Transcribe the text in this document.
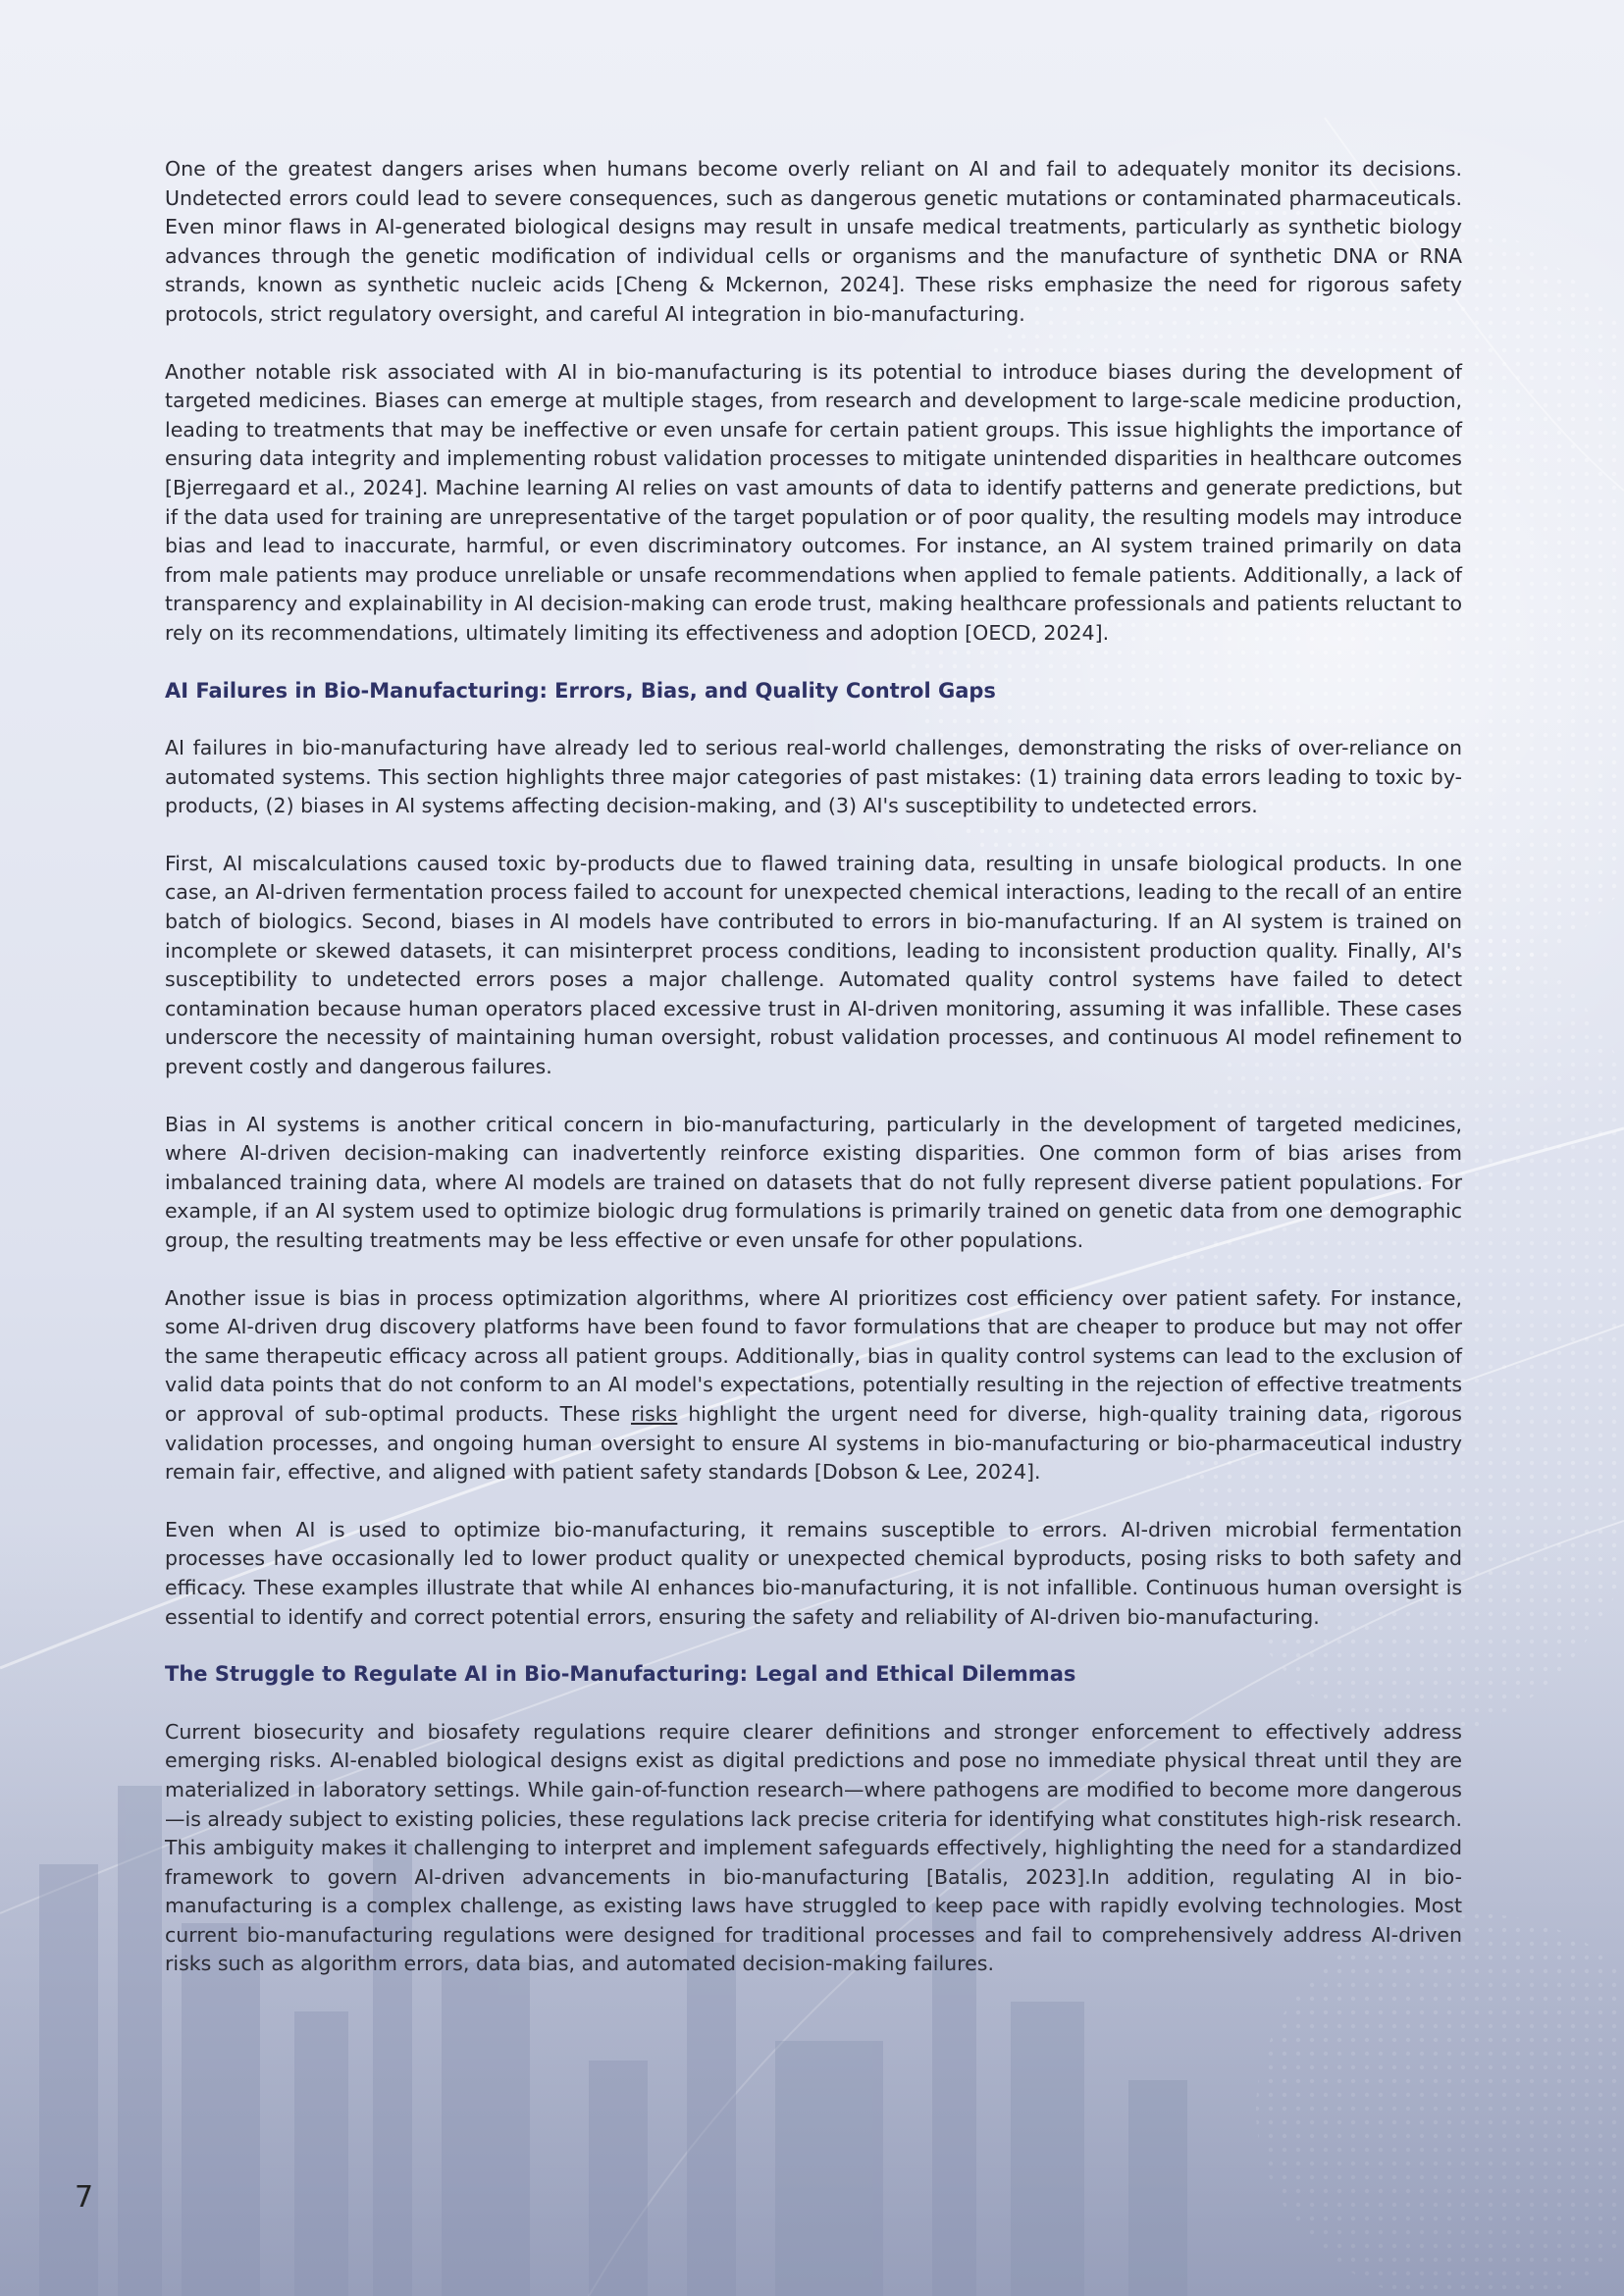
One of the greatest dangers arises when humans become overly reliant on AI and fail to adequately monitor its decisions. Undetected errors could lead to severe consequences, such as dangerous genetic mutations or contaminated pharmaceuticals. Even minor flaws in AI-generated biological designs may result in unsafe medical treatments, particularly as synthetic biology advances through the genetic modification of individual cells or organisms and the manufacture of synthetic DNA or RNA strands, known as synthetic nucleic acids [Cheng & Mckernon, 2024]. These risks emphasize the need for rigorous safety protocols, strict regulatory oversight, and careful AI integration in bio-manufacturing.

Another notable risk associated with AI in bio-manufacturing is its potential to introduce biases during the development of targeted medicines. Biases can emerge at multiple stages, from research and development to large-scale medicine production, leading to treatments that may be ineffective or even unsafe for certain patient groups. This issue highlights the importance of ensuring data integrity and implementing robust validation processes to mitigate unintended disparities in healthcare outcomes [Bjerregaard et al., 2024]. Machine learning AI relies on vast amounts of data to identify patterns and generate predictions, but if the data used for training are unrepresentative of the target population or of poor quality, the resulting models may introduce bias and lead to inaccurate, harmful, or even discriminatory outcomes. For instance, an AI system trained primarily on data from male patients may produce unreliable or unsafe recommendations when applied to female patients. Additionally, a lack of transparency and explainability in AI decision-making can erode trust, making healthcare professionals and patients reluctant to rely on its recommendations, ultimately limiting its effectiveness and adoption [OECD, 2024].

AI Failures in Bio-Manufacturing: Errors, Bias, and Quality Control Gaps

AI failures in bio-manufacturing have already led to serious real-world challenges, demonstrating the risks of over-reliance on automated systems. This section highlights three major categories of past mistakes: (1) training data errors leading to toxic by-products, (2) biases in AI systems affecting decision-making, and (3) AI's susceptibility to undetected errors.

First, AI miscalculations caused toxic by-products due to flawed training data, resulting in unsafe biological products. In one case, an AI-driven fermentation process failed to account for unexpected chemical interactions, leading to the recall of an entire batch of biologics. Second, biases in AI models have contributed to errors in bio-manufacturing. If an AI system is trained on incomplete or skewed datasets, it can misinterpret process conditions, leading to inconsistent production quality. Finally, AI's susceptibility to undetected errors poses a major challenge. Automated quality control systems have failed to detect contamination because human operators placed excessive trust in AI-driven monitoring, assuming it was infallible. These cases underscore the necessity of maintaining human oversight, robust validation processes, and continuous AI model refinement to prevent costly and dangerous failures.

Bias in AI systems is another critical concern in bio-manufacturing, particularly in the development of targeted medicines, where AI-driven decision-making can inadvertently reinforce existing disparities. One common form of bias arises from imbalanced training data, where AI models are trained on datasets that do not fully represent diverse patient populations. For example, if an AI system used to optimize biologic drug formulations is primarily trained on genetic data from one demographic group, the resulting treatments may be less effective or even unsafe for other populations.

Another issue is bias in process optimization algorithms, where AI prioritizes cost efficiency over patient safety. For instance, some AI-driven drug discovery platforms have been found to favor formulations that are cheaper to produce but may not offer the same therapeutic efficacy across all patient groups. Additionally, bias in quality control systems can lead to the exclusion of valid data points that do not conform to an AI model's expectations, potentially resulting in the rejection of effective treatments or approval of sub-optimal products. These risks highlight the urgent need for diverse, high-quality training data, rigorous validation processes, and ongoing human oversight to ensure AI systems in bio-manufacturing or bio-pharmaceutical industry remain fair, effective, and aligned with patient safety standards [Dobson & Lee, 2024].

Even when AI is used to optimize bio-manufacturing, it remains susceptible to errors. AI-driven microbial fermentation processes have occasionally led to lower product quality or unexpected chemical byproducts, posing risks to both safety and efficacy. These examples illustrate that while AI enhances bio-manufacturing, it is not infallible. Continuous human oversight is essential to identify and correct potential errors, ensuring the safety and reliability of AI-driven bio-manufacturing.

The Struggle to Regulate AI in Bio-Manufacturing: Legal and Ethical Dilemmas

Current biosecurity and biosafety regulations require clearer definitions and stronger enforcement to effectively address emerging risks. AI-enabled biological designs exist as digital predictions and pose no immediate physical threat until they are materialized in laboratory settings. While gain-of-function research—where pathogens are modified to become more dangerous—is already subject to existing policies, these regulations lack precise criteria for identifying what constitutes high-risk research. This ambiguity makes it challenging to interpret and implement safeguards effectively, highlighting the need for a standardized framework to govern AI-driven advancements in bio-manufacturing [Batalis, 2023].In addition, regulating AI in bio-manufacturing is a complex challenge, as existing laws have struggled to keep pace with rapidly evolving technologies. Most current bio-manufacturing regulations were designed for traditional processes and fail to comprehensively address AI-driven risks such as algorithm errors, data bias, and automated decision-making failures.

7
